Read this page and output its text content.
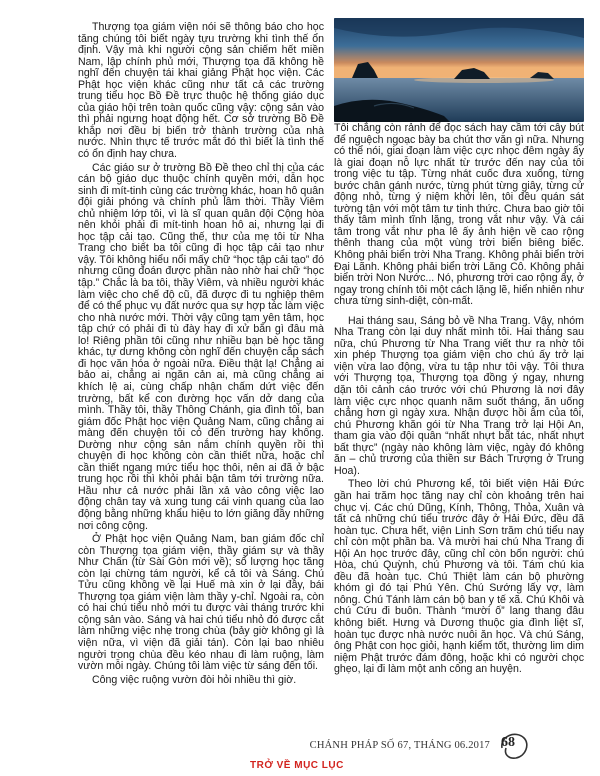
Thượng tọa giám viện nói sẽ thông báo cho học tăng chúng tôi biết ngày tựu trường khi tình thế ổn định. Vậy mà khi người cộng sản chiếm hết miền Nam, lập chính phủ mới, Thượng tọa đã không hề nghĩ đến chuyện tái khai giảng Phật học viện. Các Phật học viện khác cũng như tất cả các trường trung tiểu học Bồ Đề trực thuộc hệ thống giáo dục của giáo hội trên toàn quốc cũng vậy: cộng sản vào thì phải ngưng hoạt động hết. Cơ sở trường Bồ Đề khắp nơi đều bị biến trở thành trường của nhà nước. Nhìn thực tế trước mắt đó thì biết là tình thế có ổn định hay chưa.

Các giáo sư ở trường Bồ Đề theo chỉ thị của các cán bộ giáo dục thuộc chính quyền mới, dẫn học sinh đi mít-tinh cùng các trường khác, hoan hô quân đội giải phóng và chính phủ lâm thời. Thầy Viêm chủ nhiệm lớp tôi, vì là sĩ quan quân đội Cộng hòa nên khỏi phải đi mít-tinh hoan hô ai, nhưng lại đi học tập cải tạo. Cũng thế, thư của mẹ tôi từ Nha Trang cho biết ba tôi cũng đi học tập cải tạo như vậy. Tôi không hiểu nổi mấy chữ “học tập cải tạo” đó nhưng cũng đoán được phần nào nhờ hai chữ “học tập.” Chắc là ba tôi, thầy Viêm, và nhiều người khác làm việc cho chế độ cũ, đã được đi tu nghiệp thêm để có thể phục vụ đất nước qua sự hợp tác làm việc cho nhà nước mới. Thời vậy cũng tạm yên tâm, học tập chứ có phải đi tù đày hay đi xử bắn gì đâu mà lo! Riêng phần tôi cũng như nhiều bạn bè học tăng khác, tự dưng không còn nghĩ đến chuyện cắp sách đi học văn hóa ở ngoài nữa. Điều thật lạ! Chẳng ai bảo ai, chẳng ai ngăn cản ai, mà cũng chẳng ai khích lệ ai, cùng chấp nhận chấm dứt việc đến trường, bất kể con đường học vấn dở dang của mình. Thầy tôi, thầy Thông Chánh, gia đình tôi, ban giám đốc Phật học viện Quảng Nam, cũng chẳng ai màng đến chuyện tôi có đến trường hay không. Dường như cộng sản nắm chính quyền rồi thì chuyện đi học không còn cần thiết nữa, hoặc chỉ cần thiết ngang mức tiểu học thôi, nên ai đã ở bậc trung học rồi thì khỏi phải bận tâm tới trường nữa. Hầu như cả nước phải lần xả vào công việc lao động chân tay và xung tung cái vinh quang của lao động bằng những khẩu hiệu to lớn giăng đầy những nơi công cộng.

Ở Phật học viện Quảng Nam, ban giám đốc chỉ còn Thượng tọa giám viện, thầy giám sự và thầy Như Chấn (từ Sài Gòn mới về); số lượng học tăng còn lại chừng tám người, kể cả tôi và Sáng. Chú Tửu cũng không về lại Huế mà xin ở lại đây, bái Thượng tọa giám viện làm thầy y-chỉ. Ngoài ra, còn có hai chú tiểu nhỏ mới tu được vài tháng trước khi cộng sản vào. Sáng và hai chú tiểu nhỏ đó được cắt làm những việc nhẹ trong chùa (bảy giờ không gì là viện nữa, vì viện đã giải tán). Còn lại bao nhiêu người trong chùa đều kéo nhau đi làm ruộng, làm vườn mỗi ngày. Chúng tôi làm việc từ sáng đến tối.

Công việc ruộng vườn đòi hỏi nhiều thì giờ.

Tôi chẳng còn rảnh để đọc sách hay cầm tới cây bút để nguệch ngoạc bày ba chút thơ văn gì nữa. Nhưng có thể nói, giai đoạn làm việc cực nhọc đêm ngày ấy là giai đoạn nỗ lực nhất từ trước đến nay của tôi trong việc tu tập. Từng nhát cuốc đưa xuống, từng bước chân gánh nước, từng phút từng giây, từng cử động nhỏ, từng ý niệm khởi lên, tôi đều quán sát tường tận với một tâm tư tinh thức. Chưa bao giờ tôi thấy tâm mình tĩnh lặng, trong vắt như vậy. Và cái tâm trong vắt như pha lê ấy ảnh hiện về cao rộng thênh thang của một vùng trời biển biêng biếc. Không phải biển trời Nha Trang. Không phải biển trời Đại Lãnh. Không phải biển trời Lăng Cô. Không phải biển trời Non Nước... Nó, phương trời cao rộng ấy, ở ngay trong chính tôi một cách lặng lẽ, hiển nhiên như chưa từng sinh-diệt, còn-mất.

Hai tháng sau, Sáng bỏ về Nha Trang. Vậy, nhóm Nha Trang còn lại duy nhất mình tôi. Hai tháng sau nữa, chú Phương từ Nha Trang viết thư ra nhờ tôi xin phép Thượng tọa giám viện cho chú ấy trở lại viện vừa lao động, vừa tu tập như tôi vậy. Tôi thưa với Thượng tọa, Thượng tọa đồng ý ngay, nhưng dặn tôi cảnh cáo trước với chú Phương là nơi đây làm việc cực nhọc quanh năm suốt tháng, ăn uống chẳng hơn gì ngày xưa. Nhận được hồi âm của tôi, chú Phương khăn gói từ Nha Trang trở lại Hội An, tham gia vào đội quân “nhất nhựt bất tác, nhất nhựt bất thực” (ngày nào không làm việc, ngày đó không ăn – chủ trương của thiền sư Bách Trượng ở Trung Hoa).

Theo lời chú Phương kể, tôi biết viện Hải Đức gần hai trăm học tăng nay chỉ còn khoảng trên hai chục vị. Các chú Dũng, Kính, Thông, Thỏa, Xuân và tất cả những chú tiểu trước đây ở Hải Đức, đều đã hoàn tục. Chưa hết, viện Linh Sơn trăm chú tiểu nay chỉ còn một phần ba. Và mười hai chú Nha Trang đi Hội An học trước đây, cũng chỉ còn bốn người: chú Hòa, chú Quỳnh, chú Phương và tôi. Tám chú kia đều đã hoàn tục. Chú Thiệt làm cán bộ phường khóm gì đó tại Phú Yên. Chú Sướng lấy vợ, làm nông. Chú Tánh làm cán bộ ban y tế xã. Chú Khôi và chú Cứu đi buôn. Thành “mười ố” lang thang đâu không biết. Hưng và Dương thuộc gia đình liệt sĩ, hoàn tục được nhà nước nuôi ăn học. Và chú Sáng, ông Phật con học giỏi, hạnh kiểm tốt, thường lim dim niệm Phật trước đám đông, hoặc khi có người chọc ghẹo, lại đi làm một anh công an huyện.

CHÁNH PHÁP SỐ 67, THÁNG 06.2017 68
TRỞ VỀ MỤC LỤC
